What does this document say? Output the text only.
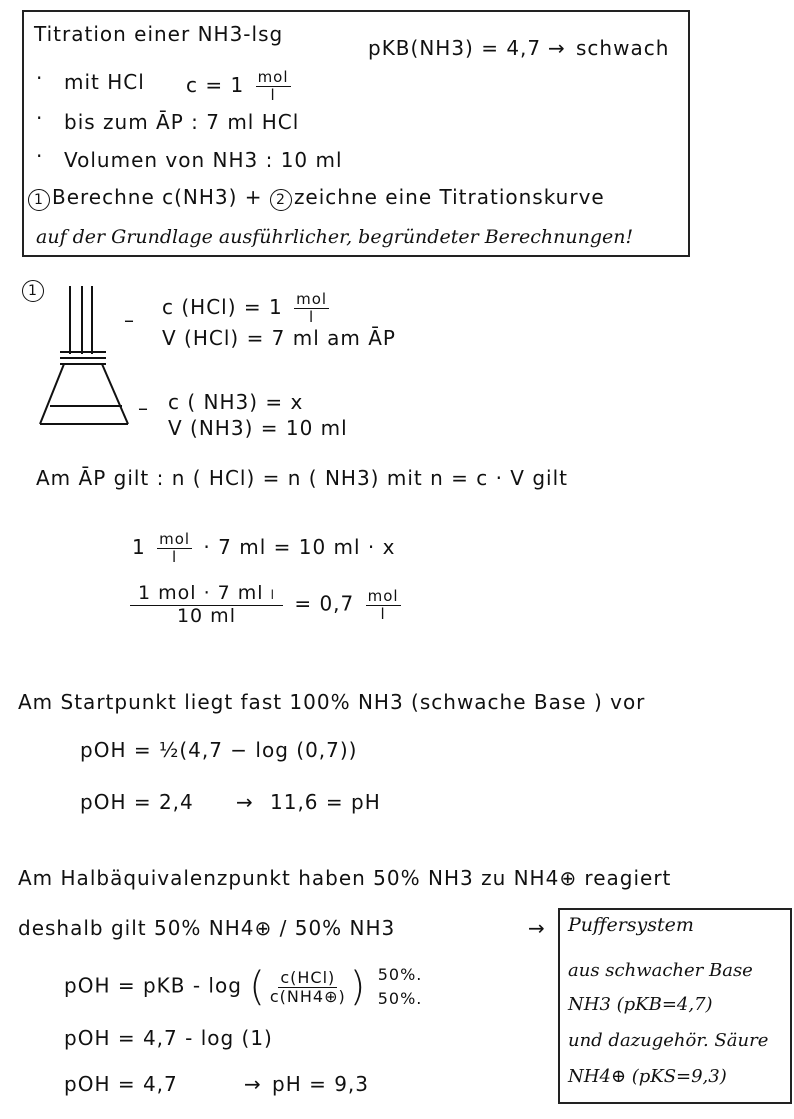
Titration einer NH3-lsg
pKB(NH3) = 4,7 → schwach
· mit HCl $c = 1 \frac{\text{mol}}{l}$
· bis zum ĀP : 7 ml HCl
· Volumen von NH3 : 10 ml
1 Berechne c(NH3) + 2 zeichne eine Titrationskurve
auf der Grundlage ausführlicher, begründeter Berechnungen!
1
–
c $(HCl) = 1 \frac{\text{mol}}{l}$
V (HCl) = 7 ml am ĀP
– c ( NH3) = x
V (NH3) = 10 ml
Am ĀP gilt : n ( HCl) = n ( NH3) mit n = c · V gilt
$1 \frac{\text{mol}}{l} \cdot 7$ ml = 10 ml · x
$\frac{\text{1 mol · 7 ml l}}{10 ml} = 0,7 \frac{\text{mol}}{l}$
Am Startpunkt liegt fast 100% NH3 (schwache Base ) vor
pOH = ½(4,7 − log (0,7))
pOH = 2,4 → 11,6 = pH
Am Halbäquivalenzpunkt haben 50% NH3 zu NH4⊕ reagiert
deshalb gilt 50% NH4⊕ / 50% NH3	→
pOH = pKB - log ( $\frac{\text{c(HCl)}}{c(NH4\oplus)}$ ) 50%.
50%.
pOH = 4,7 - log (1)
pOH = 4,7	→ pH = 9,3
Puffersystem
aus schwacher Base
NH3 (pKB=4,7)
und dazugehör. Säure
NH4⊕ (pKS=9,3)
